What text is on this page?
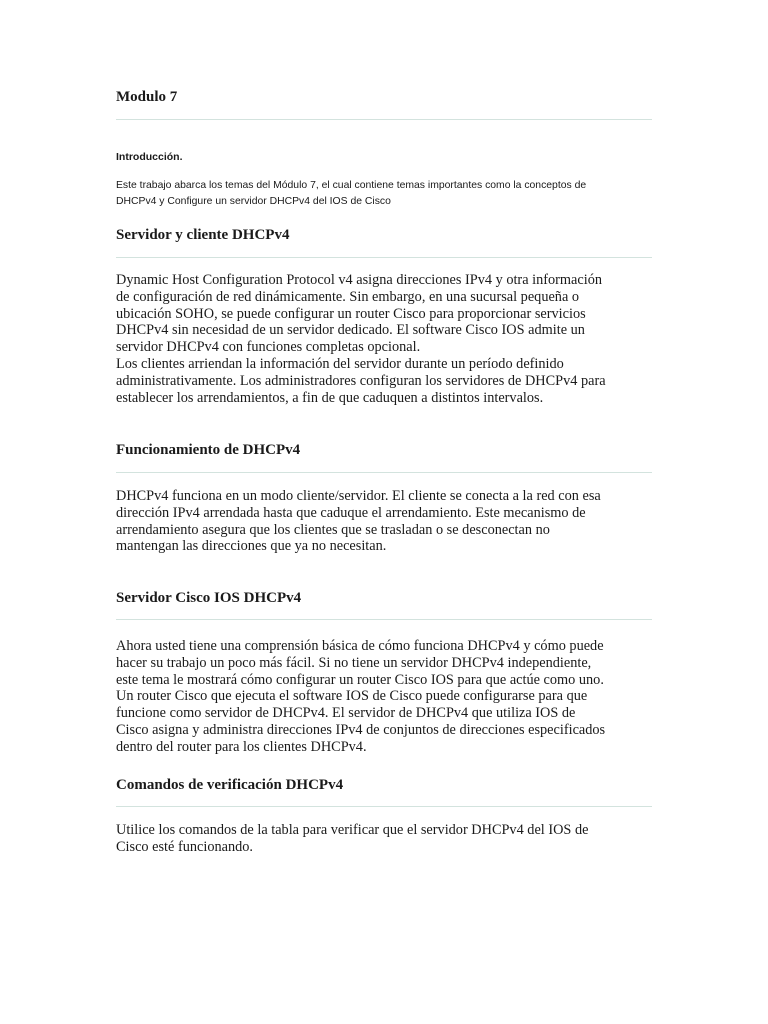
Modulo 7
Introducción.
Este trabajo abarca los temas del Módulo 7, el cual contiene temas importantes como la conceptos de
DHCPv4 y Configure un servidor DHCPv4 del IOS de Cisco
Servidor y cliente DHCPv4
Dynamic Host Configuration Protocol v4 asigna direcciones IPv4 y otra información
de configuración de red dinámicamente. Sin embargo, en una sucursal pequeña o
ubicación SOHO, se puede configurar un router Cisco para proporcionar servicios
DHCPv4 sin necesidad de un servidor dedicado. El software Cisco IOS admite un
servidor DHCPv4 con funciones completas opcional.
Los clientes arriendan la información del servidor durante un período definido
administrativamente. Los administradores configuran los servidores de DHCPv4 para
establecer los arrendamientos, a fin de que caduquen a distintos intervalos.
Funcionamiento de DHCPv4
DHCPv4 funciona en un modo cliente/servidor. El cliente se conecta a la red con esa
dirección IPv4 arrendada hasta que caduque el arrendamiento. Este mecanismo de
arrendamiento asegura que los clientes que se trasladan o se desconectan no
mantengan las direcciones que ya no necesitan.
Servidor Cisco IOS DHCPv4
Ahora usted tiene una comprensión básica de cómo funciona DHCPv4 y cómo puede
hacer su trabajo un poco más fácil. Si no tiene un servidor DHCPv4 independiente,
este tema le mostrará cómo configurar un router Cisco IOS para que actúe como uno.
Un router Cisco que ejecuta el software IOS de Cisco puede configurarse para que
funcione como servidor de DHCPv4. El servidor de DHCPv4 que utiliza IOS de
Cisco asigna y administra direcciones IPv4 de conjuntos de direcciones especificados
dentro del router para los clientes DHCPv4.
Comandos de verificación DHCPv4
Utilice los comandos de la tabla para verificar que el servidor DHCPv4 del IOS de
Cisco esté funcionando.
